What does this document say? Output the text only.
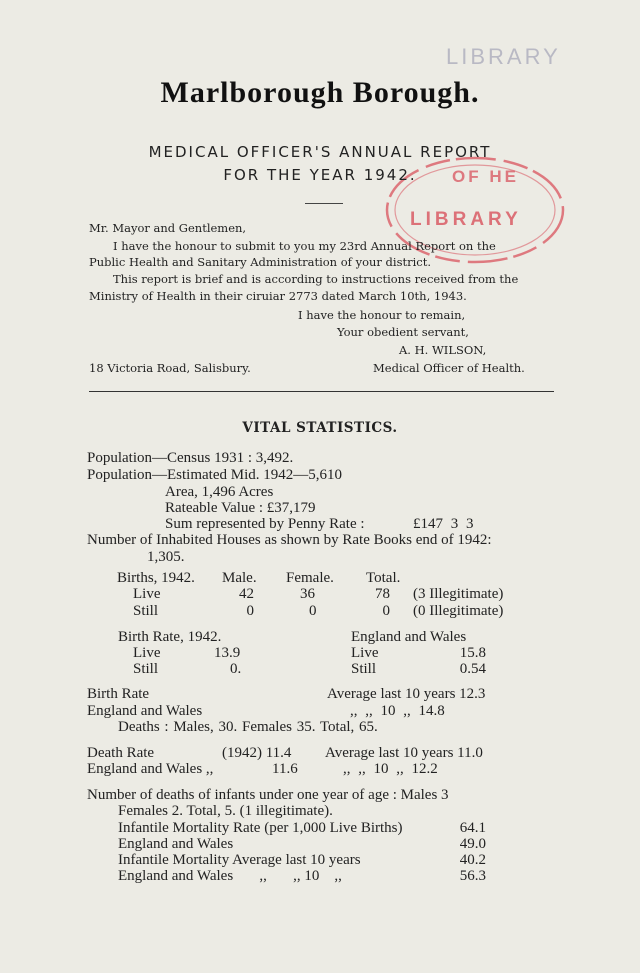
LIBRARY
OF HE
LIBRARY
Marlborough Borough.
MEDICAL OFFICER'S ANNUAL REPORT
FOR THE YEAR 1942.
Mr. Mayor and Gentlemen,
I have the honour to submit to you my 23rd Annual Report on the
Public Health and Sanitary Administration of your district.
This report is brief and is according to instructions received from the
Ministry of Health in their ciruiar 2773 dated March 10th, 1943.
I have the honour to remain,
Your obedient servant,
A. H. WILSON,
18 Victoria Road, Salisbury.	Medical Officer of Health.
VITAL STATISTICS.
Population—Census 1931 : 3,492.
Population—Estimated Mid. 1942—5,610
Area, 1,496 Acres
Rateable Value : £37,179
Sum represented by Penny Rate :	£147 3 3
Number of Inhabited Houses as shown by Rate Books end of 1942:
1,305.
Births, 1942. Male. Female. Total.
Live	42	36	78 (3 Illegitimate)
Still	0	0	0 (0 Illegitimate)
Birth Rate, 1942.	England and Wales
Live	13.9	Live	15.8
Still	0.	Still	0.54
Birth Rate	Average last 10 years 12.3
England and Wales	,, ,, 10 ,, 14.8
Deaths : Males, 30. Females 35. Total, 65.
Death Rate	(1942) 11.4 Average last 10 years 11.0
England and Wales ,,	11.6	,, ,, 10 ,, 12.2
Number of deaths of infants under one year of age : Males 3
Females 2. Total, 5. (1 illegitimate).
Infantile Mortality Rate (per 1,000 Live Births)	64.1
England and Wales	49.0
Infantile Mortality Average last 10 years	40.2
England and Wales       ,,       ,, 10    ,,	56.3
